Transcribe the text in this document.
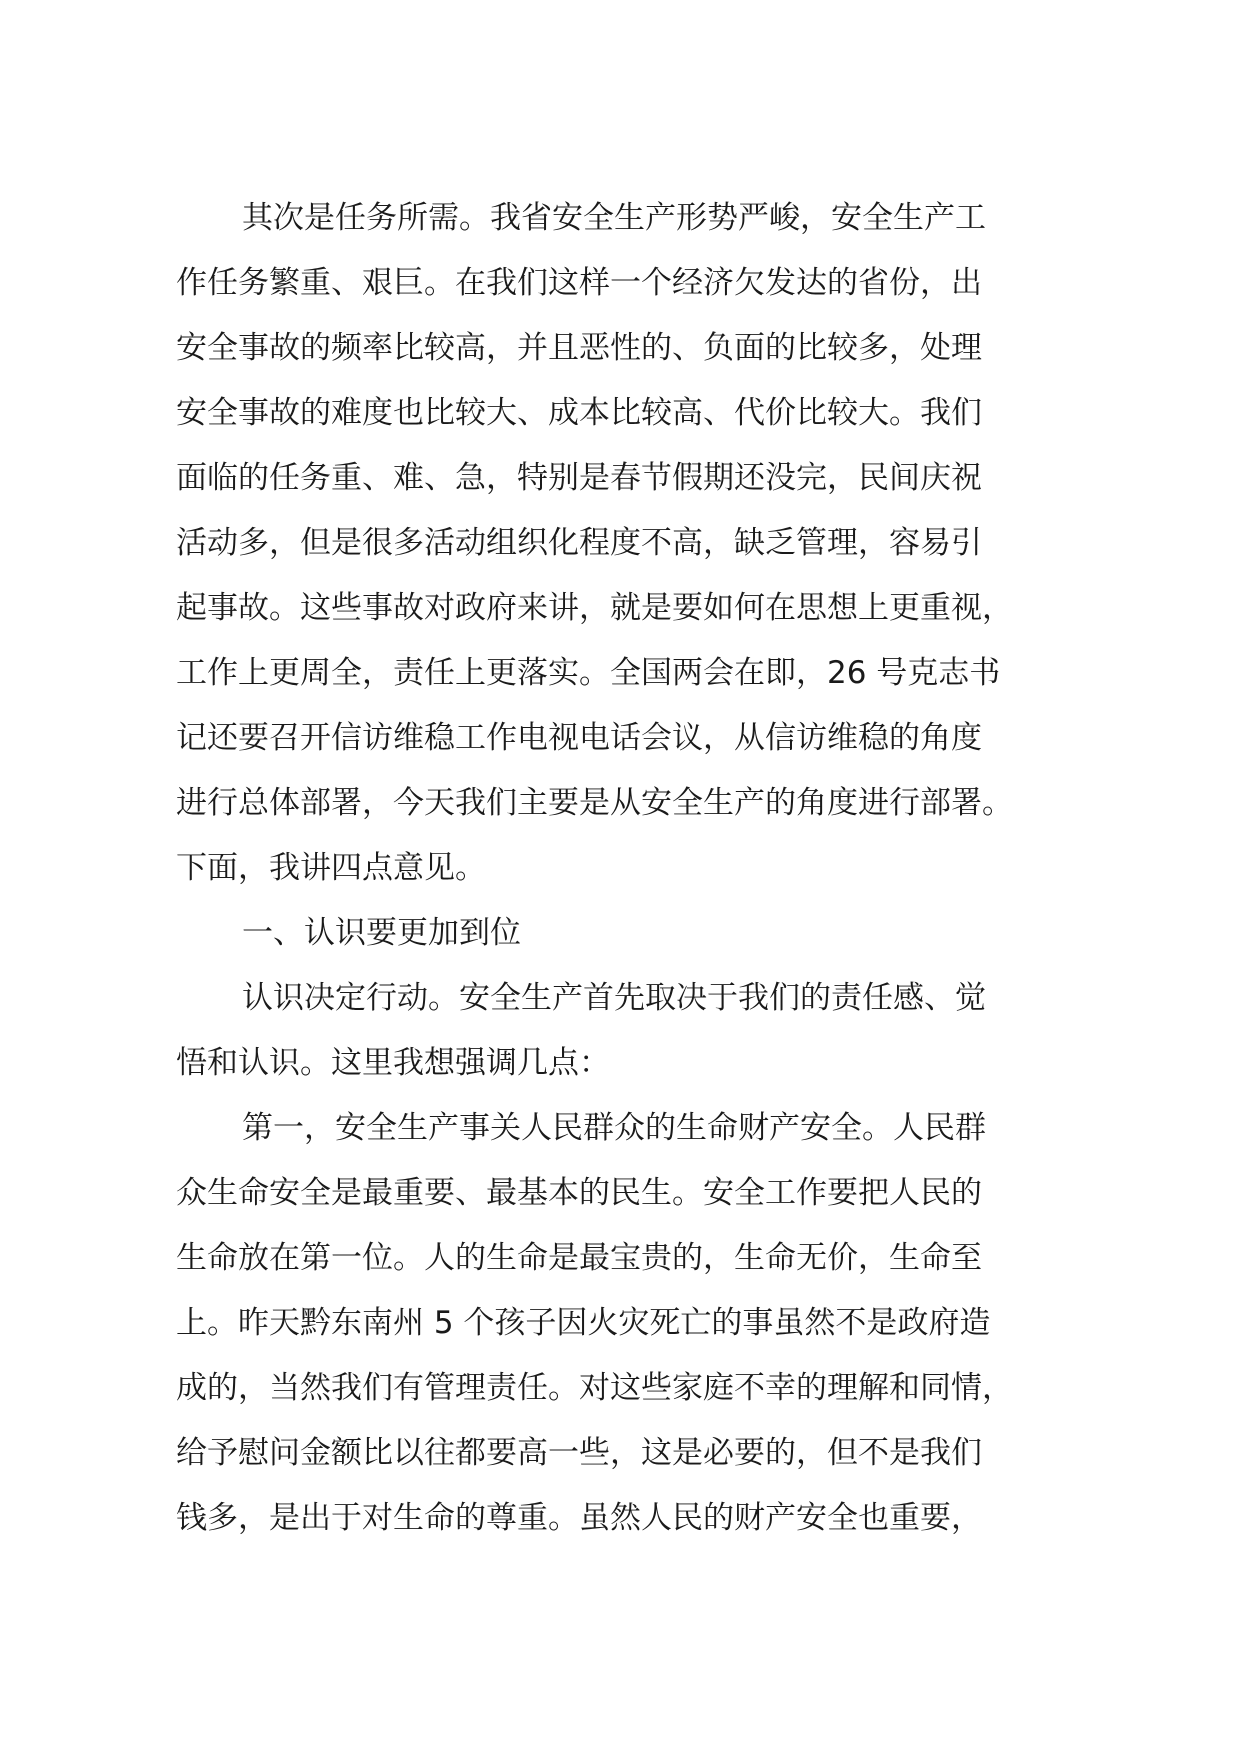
其次是任务所需。我省安全生产形势严峻，安全生产工
作任务繁重、艰巨。在我们这样一个经济欠发达的省份，出
安全事故的频率比较高，并且恶性的、负面的比较多，处理
安全事故的难度也比较大、成本比较高、代价比较大。我们
面临的任务重、难、急，特别是春节假期还没完，民间庆祝
活动多，但是很多活动组织化程度不高，缺乏管理，容易引
起事故。这些事故对政府来讲，就是要如何在思想上更重视，
工作上更周全，责任上更落实。全国两会在即，26 号克志书
记还要召开信访维稳工作电视电话会议，从信访维稳的角度
进行总体部署，今天我们主要是从安全生产的角度进行部署。
下面，我讲四点意见。
一、认识要更加到位
认识决定行动。安全生产首先取决于我们的责任感、觉
悟和认识。这里我想强调几点：
第一，安全生产事关人民群众的生命财产安全。人民群
众生命安全是最重要、最基本的民生。安全工作要把人民的
生命放在第一位。人的生命是最宝贵的，生命无价，生命至
上。昨天黔东南州 5 个孩子因火灾死亡的事虽然不是政府造
成的，当然我们有管理责任。对这些家庭不幸的理解和同情，
给予慰问金额比以往都要高一些，这是必要的，但不是我们
钱多，是出于对生命的尊重。虽然人民的财产安全也重要，
